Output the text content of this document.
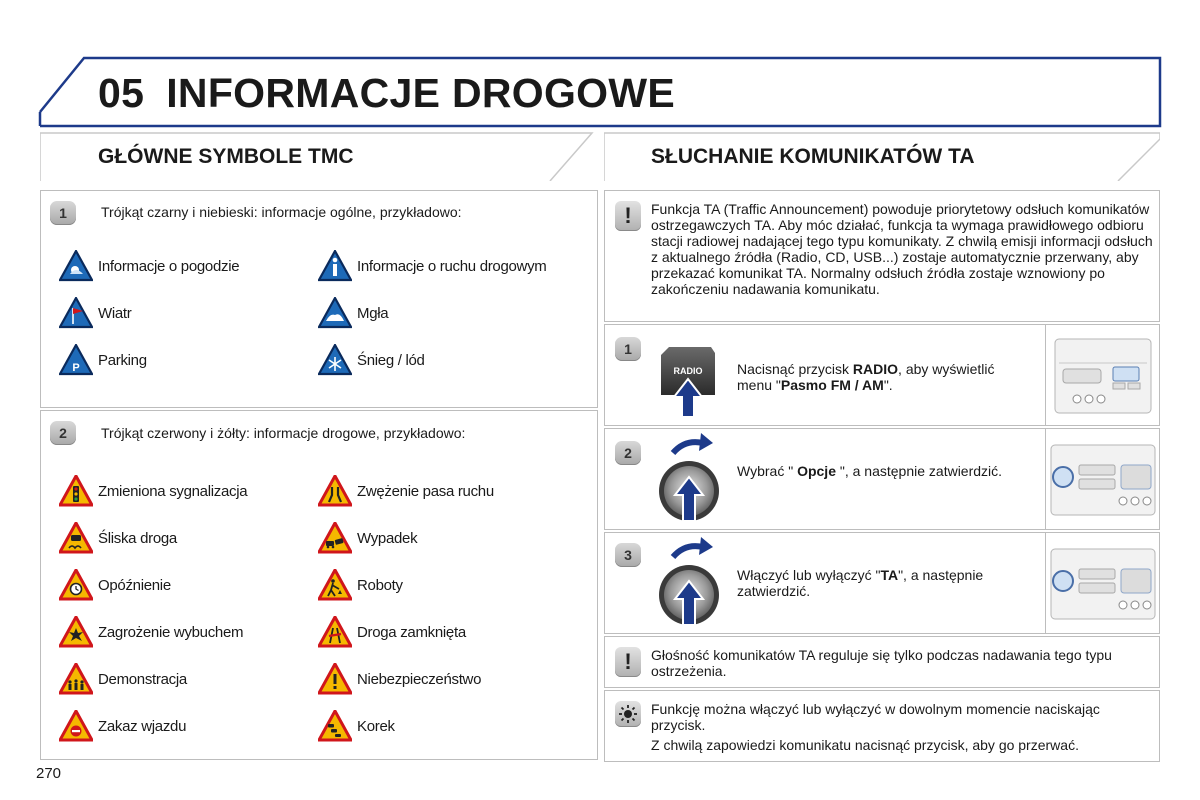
05 INFORMACJE DROGOWE
GŁÓWNE SYMBOLE TMC	SŁUCHANIE KOMUNIKATÓW TA
1	Trójkąt czarny i niebieski: informacje ogólne, przykładowo:
Informacje o pogodzie	Informacje o ruchu drogowym
Wiatr	Mgła
P Parking	Śnieg / lód
2	Trójkąt czerwony i żółty: informacje drogowe, przykładowo:
Zmieniona sygnalizacja	Zwężenie pasa ruchu
Śliska droga	Wypadek
Opóźnienie	Roboty
Zagrożenie wybuchem	Droga zamknięta
Demonstracja	Niebezpieczeństwo
Zakaz wjazdu	Korek
!	Funkcja TA (Traffic Announcement) powoduje priorytetowy odsłuch komunikatów ostrzegawczych TA. Aby móc działać, funkcja ta wymaga prawidłowego odbioru stacji radiowej nadającej tego typu komunikaty. Z chwilą emisji informacji odsłuch z aktualnego źródła (Radio, CD, USB...) zostaje automatycznie przerwany, aby przekazać komunikat TA. Normalny odsłuch źródła zostaje wznowiony po zakończeniu nadawania komunikatu.
1
RADIO Nacisnąć przycisk RADIO, aby wyświetlić menu "Pasmo FM / AM".
2
Wybrać " Opcje ", a następnie zatwierdzić.
3
Włączyć lub wyłączyć "TA", a następnie zatwierdzić.
!	Głośność komunikatów TA reguluje się tylko podczas nadawania tego typu ostrzeżenia.
Funkcję można włączyć lub wyłączyć w dowolnym momencie naciskając przycisk.
Z chwilą zapowiedzi komunikatu nacisnąć przycisk, aby go przerwać.
270
